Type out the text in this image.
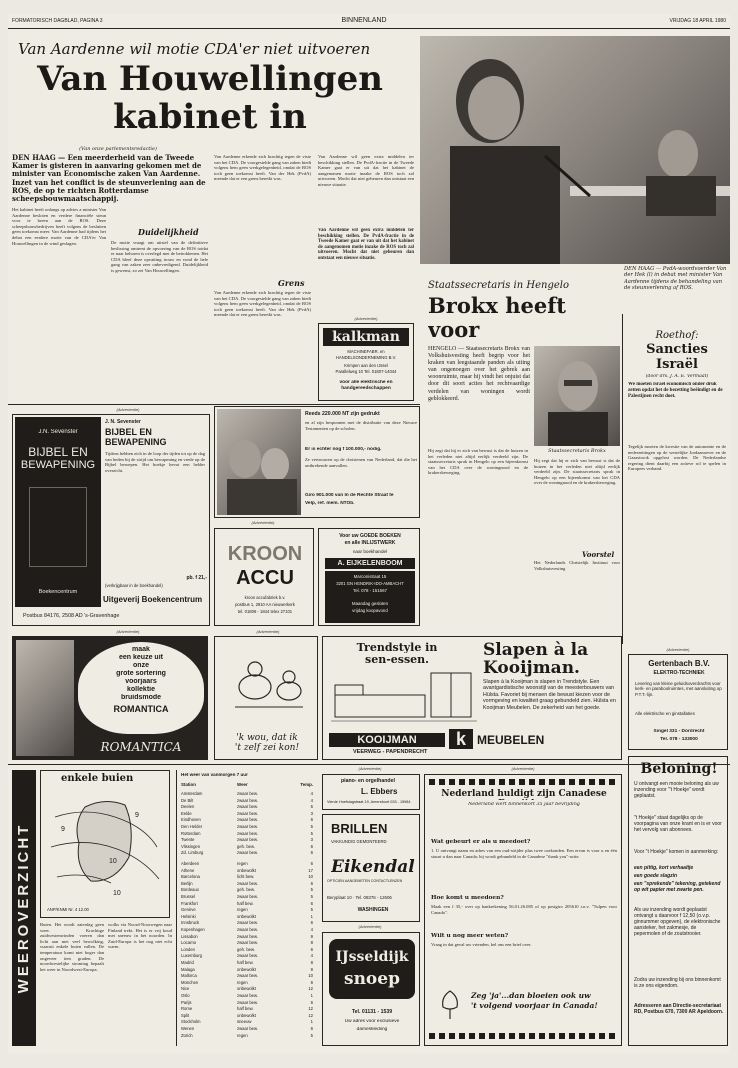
FORMATORISCH DAGBLAD, PAGINA 3	BINNENLAND	VRIJDAG 18 APRIL 1980
Van Aardenne wil motie CDA'er niet uitvoeren
Van Houwellingen
kabinet in
(Van onze parlementsredactie)
DEN HAAG — Een meerderheid van de Tweede Kamer is gisteren in aanvaring gekomen met de minister van Economische zaken Van Aardenne. Inzet van het conflict is de steunverlening aan de ROS, de op te richten Rotterdamse scheepsbouwmaatschappij.
Het kabinet heeft onlangs op advies a minister Van Aardenne besloten en verdere financiële steun voor te breen aan de ROS. Deze scheepsbouwbedrijven heeft volgens de besluiten geen toekomst meer. Van Aardenne had tijdens het debat een eerdere motie van de CDA'er Van Houwellingen in de wind geslagen.
Duidelijkheid
De motie vraagt om uitstel van de definitieve beslissing omtrent de opvoering van de ROS totdat er naar behoren is overlegd met de betrokkenen. Het CDA bleef deze opvatting trouw en vond de hele gang van zaken zeer onbevredigend. Duidelijkheid is gewenst, zo zei Van Houwellingen.
Van Aardenne erkende zich krachtig tegen de visie van het CDA. De voorgestelde gang van zaken biedt volgens hem geen werkgelegenheid, omdat de ROS toch geen toekomst heeft. Van der Hek (PvdA) meende dat er een grens bereikt was.
Grens
Van Aardenne erkende zich krachtig tegen de visie van het CDA. De voorgestelde gang van zaken biedt volgens hem geen werkgelegenheid, omdat de ROS toch geen toekomst heeft. Van der Hek (PvdA) meende dat er een grens bereikt was.
Van Aardenne wil geen extra middelen ter beschikking stellen. De PvdA-fractie in de Tweede Kamer gaat er van uit dat het kabinet de aangenomen motie inzake de ROS toch zal uitvoeren. Mocht dat niet gebeuren dan ontstaat een nieuwe situatie.
Van Aardenne wil geen extra middelen ter beschikking stellen. De PvdA-fractie in de Tweede Kamer gaat er van uit dat het kabinet de aangenomen motie inzake de ROS toch zal uitvoeren. Mocht dat niet gebeuren dan ontstaat een nieuwe situatie.
(Advertentie)
kalkman
MACHINEFABR. en
HANDELSONDERNEMING B.V.
Krimpen aan den IJssel
Parallelweg 10 Tel. 01807-14044
voor alle elektrische en handgereedschappen
DEN HAAG — PvdA-woordvoerder Van der Hek (l) in debat met minister Van Aardenne tijdens de behandeling van de steunverlening af ROS.
Staatssecretaris in Hengelo
Brokx heeft
voor
HENGELO — Staatssecretaris Brokx van Volkshuisvesting heeft begrip voor het kraken van leegstaande panden als uiting van ongenoegen over het gebrek aan woonruimte, maar hij vindt het onjuist dat door dit soort acties het rechtvaardige verdelen van woningen wordt geblokkeerd.
Staatssecretaris Brokx
Hij zegt dat hij er zich van bewust is dat de huizen in het verleden niet altijd eerlijk verdeeld zijn. De staatssecretaris sprak in Hengelo op een bijeenkomst van het CDA over de woningnood en de krakersbeweging.
Hij zegt dat hij er zich van bewust is dat de huizen in het verleden niet altijd eerlijk verdeeld zijn. De staatssecretaris sprak in Hengelo op een bijeenkomst van het CDA over de woningnood en de krakersbeweging.
Voorstel
Het Nederlands Christelijk Instituut voor Volkshuisvesting
Roethof:
Sancties
Israël
(door drs. J. A. E. Vermaat)
We moeten Israël economisch onder druk zetten opdat het de bezetting beëindigt en de Palestijnen recht doet.
Tegelijk moeten de kwestie van de autonomie en de nederzettingen op de westelijke Jordaanoever en de Gazastrook opgelost worden. De Nederlandse regering dient daarbij een actieve rol te spelen in Europees verband.
(Advertentie)
J.N. Sevenster
BIJBEL EN
BEWAPENING
Boekencentrum
J. N. Sevenster
BIJBEL EN
BEWAPENING
Tijdens hebben zich in de loop der tijden tot op de dag van heden bij de strijd om bewapening en vrede op de Bijbel beroepen. Het boekje bevat een helder overzicht.
pb. f 21,-
(verkrijgbaar in de boekhandel)
Uitgeverij Boekencentrum
Postbus 84176, 2508 AD 's-Gravenhage
Reeds 220.000 NT zijn gedrukt
en al zijn besponnen met de distributie van deze Nieuwe Testamenten op de scholen.
Er is echter nog f 100.000,- nodig.
Ze vertrouwen op de christenen van Nederland, dat die het ontbrekende aanvullen.
Giro 901.000 van In de Rechte Straat te
Velp, ref. mem. NTOb.
(Advertentie)
KROON
ACCU
kroon accufabriek b.v.
postbus 1, 2910 AA nieuwerkerk
tel. 01806 - 1844 telex 27101
Voor uw GOEDE BOEKEN
en alle INLIJSTWERK
naar boekhandel
A. EIJKELENBOOM
Marconistraat 15
3201 GN HENDRIK-IDO-AMBACHT
Tel. 078 - 151567
Maandag gesloten
vrijdag koopavond
(Advertentie)
maak
een keuze uit
onze
grote sortering
voorjaars
kollektie
bruidsmode
ROMANTICA
ROMANTICA
(Advertentie)
'k wou, dat ik
't zelf zei kon!
Trendstyle in
sen-essen.	Slapen à la
Kooijman.
Slapen à la Kooijman is slapen in Trendstyle. Een avantgardistische woonstijl van de meesterbouwers van Hülsta. Favoriet bij mensen die bewust kiezen voor de vormgeving en kwaliteit graag gebundeld zien. Hülsta en Kooijman Meubelen. De zekerheid van het goede.
KOOIJMAN	k MEUBELEN
VEERWEG - PAPENDRECHT
(Advertentie)
Gertenbach B.V.
ELEKTRO-TECHNIEK
Levering van kleine geluidsoverdrachts voor kerk- en paraboolruimtes, met aansluiting op P.T.T.-lijn.
Alle elektrische en ginstallaties
Singel 331 - Dordrecht
Tel. 078 - 133000
WEEROVERZICHT
enkele buien
9
9
10
10
ANP/KNMI Nr. 4 12.00
Buien. Het wordt zaterdag geen weer. Krachtige zuidwestenwinden voeren dan licht aan met veel bewolking, waaruit enkele buien vallen. De temperatuur komt niet hoger dan ongeveer tien graden. De noordwestelijke stroming bepaalt het weer in Noordwest-Europa.
wolks via Noord-Noorwegen naar Finland trekt. Het is er vrij koud met sneeuw in het noorden. In Zuid-Europa is het nog niet echt warm.
Het weer van vanmorgen 7 uur
Station	Weer	Temp.
Amsterdam	zwaar bew.	4
De Bilt	zwaar bew.	4
Deelen	zwaar bew.	5
Eelde	zwaar bew.	3
Eindhoven	zwaar bew.	6
Den Helder	zwaar bew.	5
Rotterdam	zwaar bew.	5
Twente	zwaar bew.	3
Vlissingen	geh. bew.	6
Zd. Limburg	zwaar bew.	6
Aberdeen	regen	6
Athene	onbewolkt	17
Barcelona	licht bew.	10
Berlijn	zwaar bew.	6
Bordeaux	geh. bew.	5
Brussel	zwaar bew.	5
Frankfort	half bew.	6
Genève	regen	5
Helsinki	onbewolkt	1
Innsbruck	zwaar bew.	6
Kopenhagen	zwaar bew.	4
Lissabon	zwaar bew.	9
Locarno	zwaar bew.	8
Londen	geh. bew.	6
Luxemburg	zwaar bew.	4
Madrid	half bew.	8
Malaga	onbewolkt	9
Mallorca	zwaar bew.	10
München	regen	6
Nice	onbewolkt	12
Oslo	zwaar bew.	1
Parijs	zwaar bew.	6
Rome	half bew.	12
Split	onbewolkt	12
Stockholm	sneeuw	1
Wenen	zwaar bew.	6
Zürich	regen	5
(Advertentie)
piano- en orgelhandel
L. Ebbers
Vierde Hoefslagstraat 19, Amersfoort 033 - 15984
BRILLEN
VAKKUNDIG GEMONTEERD
Eikendal
OPTICIEN AANGEMETEN CONTACTLENZEN
Beryplaat 10 · Tel. 08376 - 12606
WASHINGEN
(Advertentie)
IJsseldijk
snoep
Tel. 01131 - 1539
Uw adres voor exclusieve
damesklediing
(Advertentie)
Nederland huldigt zijn Canadese
Nederland viert binnenkort 35 jaar bevrijding
Wat gebeurt er als u meedoet?
1. U ontvangt naam en adres van een oud-strijder plus twee oorkonden. Een ervan is voor u en één stuurt u dan naar Canada; hij wordt gebundeld in de Canadese "thank you"-actie.
Hoe komt u meedoen?
Maak een f 35,- over op bankrekening 56.01.26.085 of op postgiro 205610 t.n.v. "Tulpen voor Canada".
Wilt u nog meer weten?
Vraag in dat geval uw vrienden, bel ons een brief over.
Zeg 'ja'...dan bloeien ook uw
't volgend voorjaar in Canada!
Beloning!
U ontvangt een mooie beloning als uw inzending voor "'t Hoekje" wordt geplaatst.
"t Hoekje" staat dagelijks op de voorpagina van onze krant en is er voor het vervolg van abonnees.
Voor "t Hoekje" komen in aanmerking:
een pittig, kort verhaaltje
een goede slagzin
een "sprekende" tekening, getekend op wit papier met zwarte pen.
Als uw inzending wordt geplaatst ontvangt u daarvoor f 12,50 (o.v.p. ginnummer opgeven), de elektronische aansteker, het zakmesje, de pepermolen of de zoutstrooier.
Zodra uw inzending bij ons binnenkomt is ze ons eigendom.
Adresseren aan Directie-secretariaat RD, Postbus 670, 7300 AR Apeldoorn.
